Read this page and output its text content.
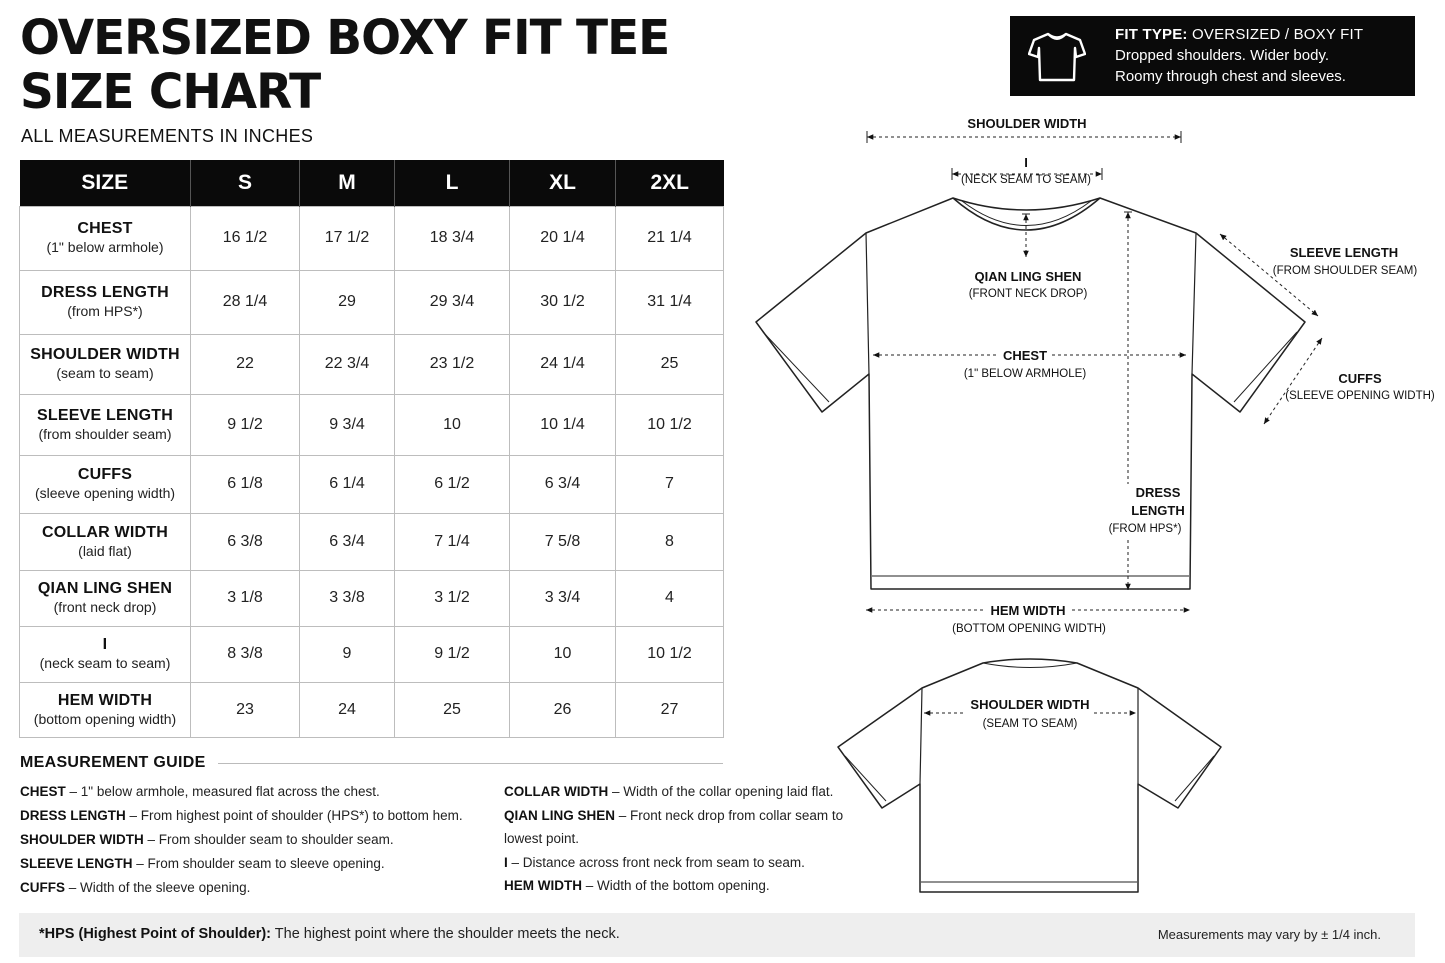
OVERSIZED BOXY FIT TEE
SIZE CHART
ALL MEASUREMENTS IN INCHES
FIT TYPE: OVERSIZED / BOXY FIT
Dropped shoulders. Wider body.
Roomy through chest and sleeves.
SIZE	S	M	L	XL	2XL

CHEST
(1" below armhole)	16 1/2	17 1/2	18 3/4	20 1/4	21 1/4

DRESS LENGTH
(from HPS*)	28 1/4	29	29 3/4	30 1/2	31 1/4

SHOULDER WIDTH
(seam to seam)	22	22 3/4	23 1/2	24 1/4	25

SLEEVE LENGTH
(from shoulder seam)	9 1/2	9 3/4	10	10 1/4	10 1/2

CUFFS
(sleeve opening width)	6 1/8	6 1/4	6 1/2	6 3/4	7

COLLAR WIDTH
(laid flat)	6 3/8	6 3/4	7 1/4	7 5/8	8

QIAN LING SHEN
(front neck drop)	3 1/8	3 3/8	3 1/2	3 3/4	4

I
(neck seam to seam)	8 3/8	9	9 1/2	10	10 1/2

HEM WIDTH
(bottom opening width)	23	24	25	26	27
MEASUREMENT GUIDE
CHEST – 1" below armhole, measured flat across the chest.
DRESS LENGTH – From highest point of shoulder (HPS*) to bottom hem.
SHOULDER WIDTH – From shoulder seam to shoulder seam.
SLEEVE LENGTH – From shoulder seam to sleeve opening.
CUFFS – Width of the sleeve opening.
COLLAR WIDTH – Width of the collar opening laid flat.
QIAN LING SHEN – Front neck drop from collar seam to
lowest point.
I – Distance across front neck from seam to seam.
HEM WIDTH – Width of the bottom opening.
SHOULDER WIDTH
I
(NECK SEAM TO SEAM)
QIAN LING SHEN
(FRONT NECK DROP)
SLEEVE LENGTH
(FROM SHOULDER SEAM)
CHEST
(1" BELOW ARMHOLE)	CUFFS
(SLEEVE OPENING WIDTH)
DRESS
LENGTH
(FROM HPS*)
HEM WIDTH
(BOTTOM OPENING WIDTH)
SHOULDER WIDTH
(SEAM TO SEAM)
*HPS (Highest Point of Shoulder): The highest point where the shoulder meets the neck.	Measurements may vary by ± 1/4 inch.
